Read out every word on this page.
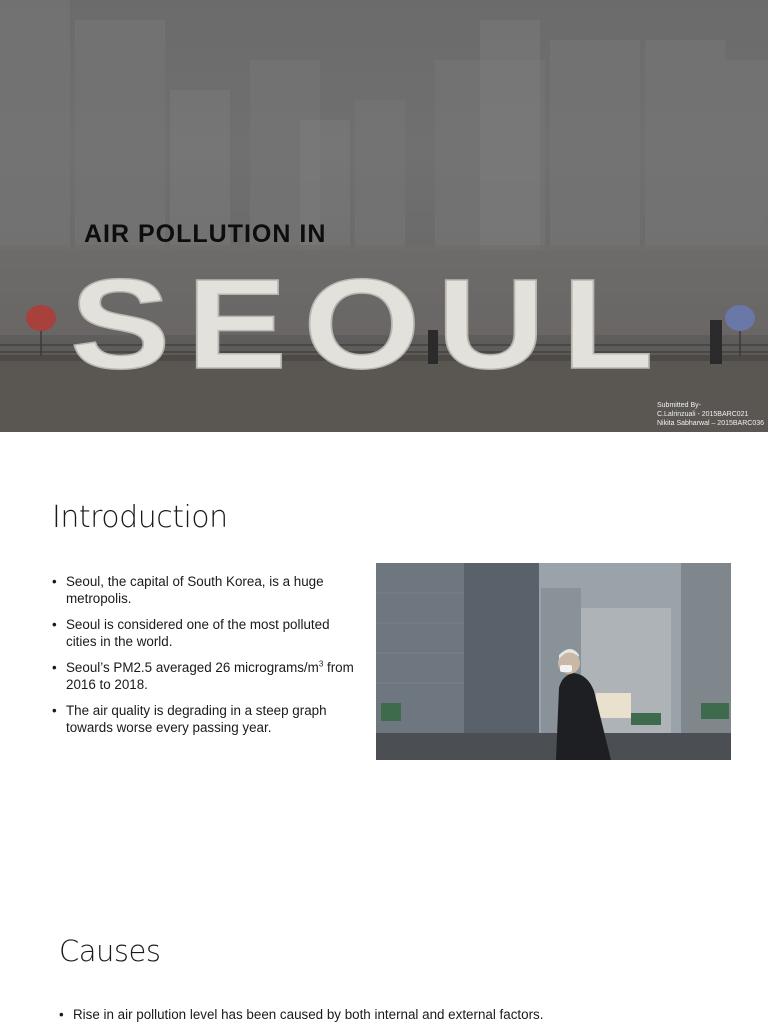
SEOUL
AIR POLLUTION IN
Submitted By-
C.Lalrinzuali - 2015BARC021
Nikita Sabharwal – 2015BARC036
Introduction
• Seoul, the capital of South Korea, is a huge metropolis.
• Seoul is considered one of the most polluted cities in the world.
• Seoul’s PM2.5 averaged 26 micrograms/$m^3$ from 2016 to 2018.
• The air quality is degrading in a steep graph towards worse every passing year.
Causes
• Rise in air pollution level has been caused by both internal and external factors.
